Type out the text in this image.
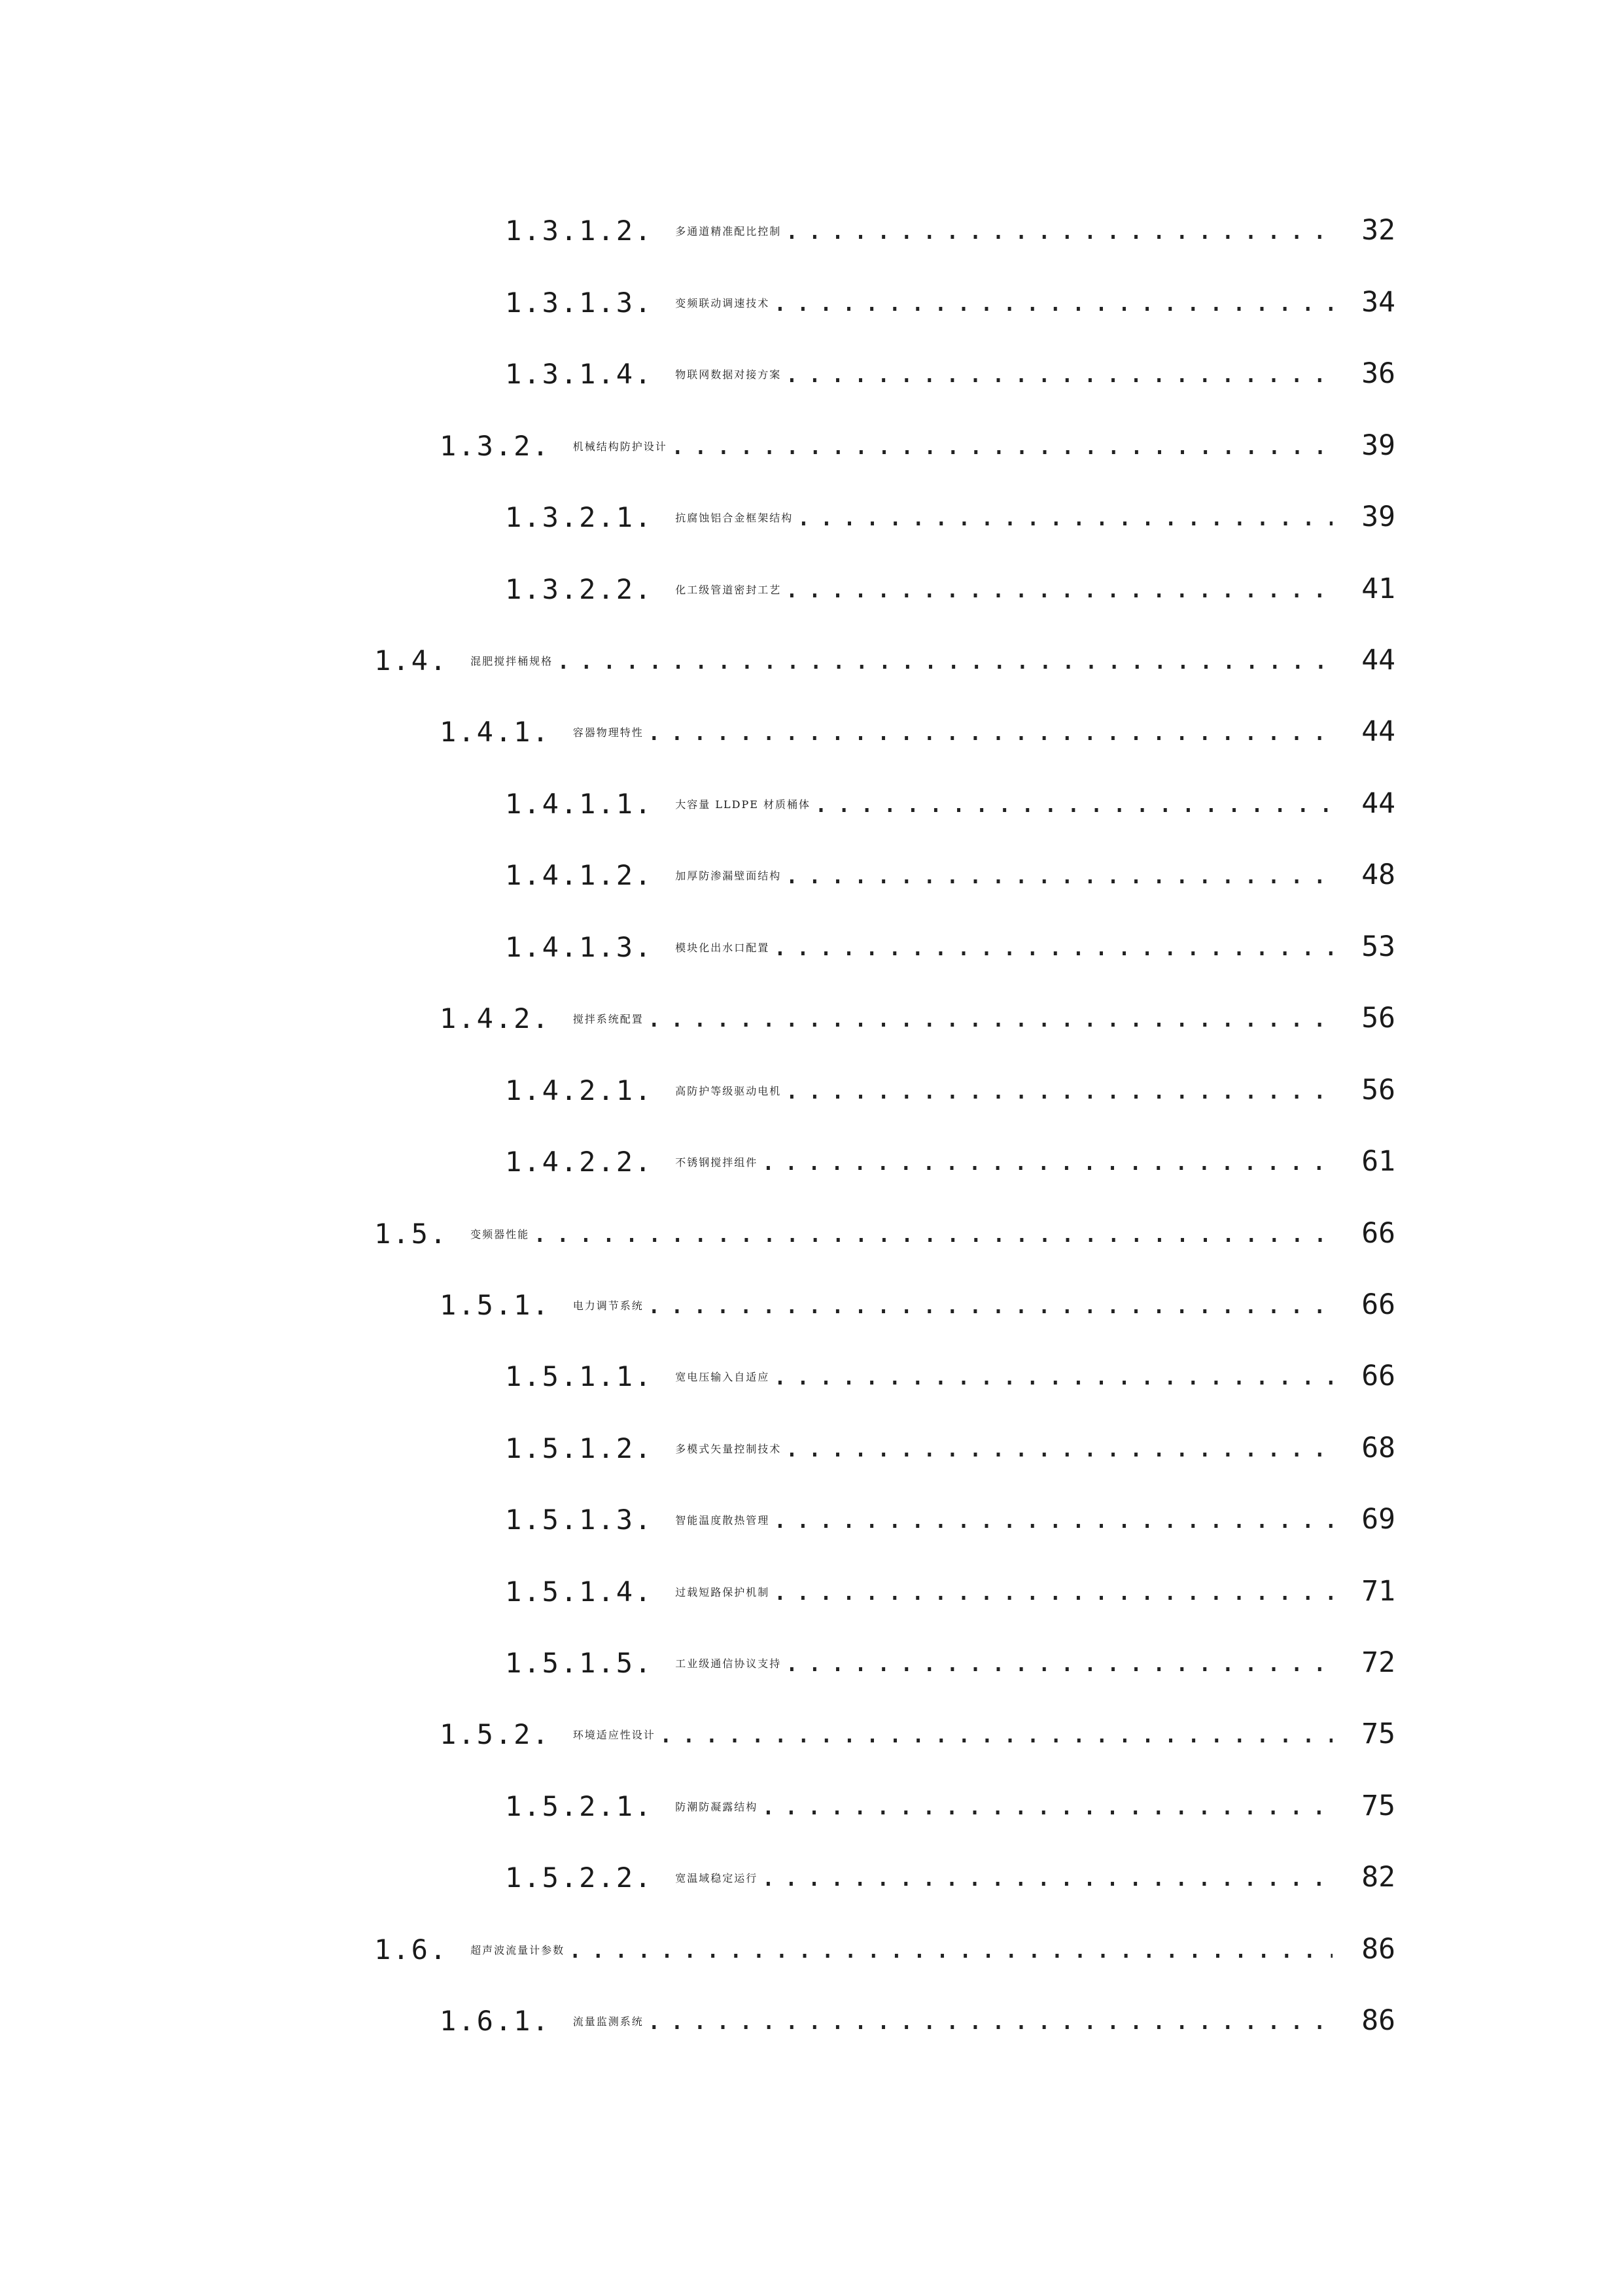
1.3.1.2. 多通道精准配比控制 .....	32
1.3.1.3. 变频联动调速技术 .....	34
1.3.1.4. 物联网数据对接方案 .....	36
1.3.2. 机械结构防护设计 .....	39
1.3.2.1. 抗腐蚀铝合金框架结构 .....	39
1.3.2.2. 化工级管道密封工艺 .....	41
1.4. 混肥搅拌桶规格 .....	44
1.4.1. 容器物理特性 .....	44
1.4.1.1. 大容量 LLDPE 材质桶体 .....	44
1.4.1.2. 加厚防渗漏壁面结构 .....	48
1.4.1.3. 模块化出水口配置 .....	53
1.4.2. 搅拌系统配置 .....	56
1.4.2.1. 高防护等级驱动电机 .....	56
1.4.2.2. 不锈钢搅拌组件 .....	61
1.5. 变频器性能 .....	66
1.5.1. 电力调节系统 .....	66
1.5.1.1. 宽电压输入自适应 .....	66
1.5.1.2. 多模式矢量控制技术 .....	68
1.5.1.3. 智能温度散热管理 .....	69
1.5.1.4. 过载短路保护机制 .....	71
1.5.1.5. 工业级通信协议支持 .....	72
1.5.2. 环境适应性设计 .....	75
1.5.2.1. 防潮防凝露结构 .....	75
1.5.2.2. 宽温域稳定运行 .....	82
1.6. 超声波流量计参数 .....	86
1.6.1. 流量监测系统 .....	86
